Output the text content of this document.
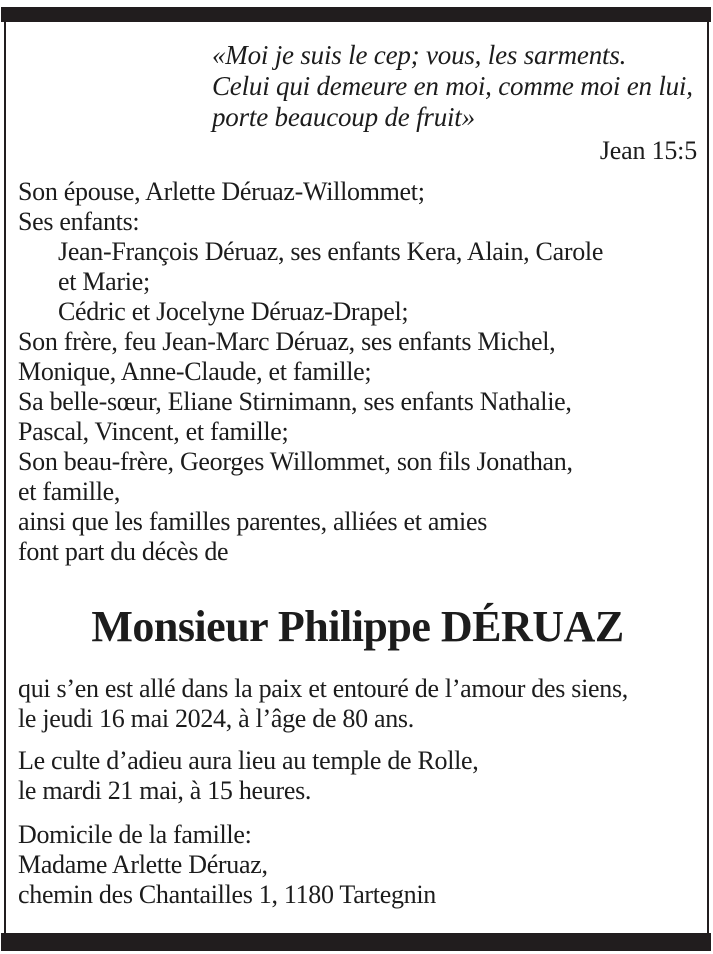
«Moi je suis le cep; vous, les sarments.
Celui qui demeure en moi, comme moi en lui,
porte beaucoup de fruit»
Jean 15:5
Son épouse, Arlette Déruaz-Willommet;
Ses enfants:
Jean-François Déruaz, ses enfants Kera, Alain, Carole
et Marie;
Cédric et Jocelyne Déruaz-Drapel;
Son frère, feu Jean-Marc Déruaz, ses enfants Michel,
Monique, Anne-Claude, et famille;
Sa belle-sœur, Eliane Stirnimann, ses enfants Nathalie,
Pascal, Vincent, et famille;
Son beau-frère, Georges Willommet, son fils Jonathan,
et famille,
ainsi que les familles parentes, alliées et amies
font part du décès de
Monsieur Philippe DÉRUAZ
qui s’en est allé dans la paix et entouré de l’amour des siens,
le jeudi 16 mai 2024, à l’âge de 80 ans.
Le culte d’adieu aura lieu au temple de Rolle,
le mardi 21 mai, à 15 heures.
Domicile de la famille:
Madame Arlette Déruaz,
chemin des Chantailles 1, 1180 Tartegnin
